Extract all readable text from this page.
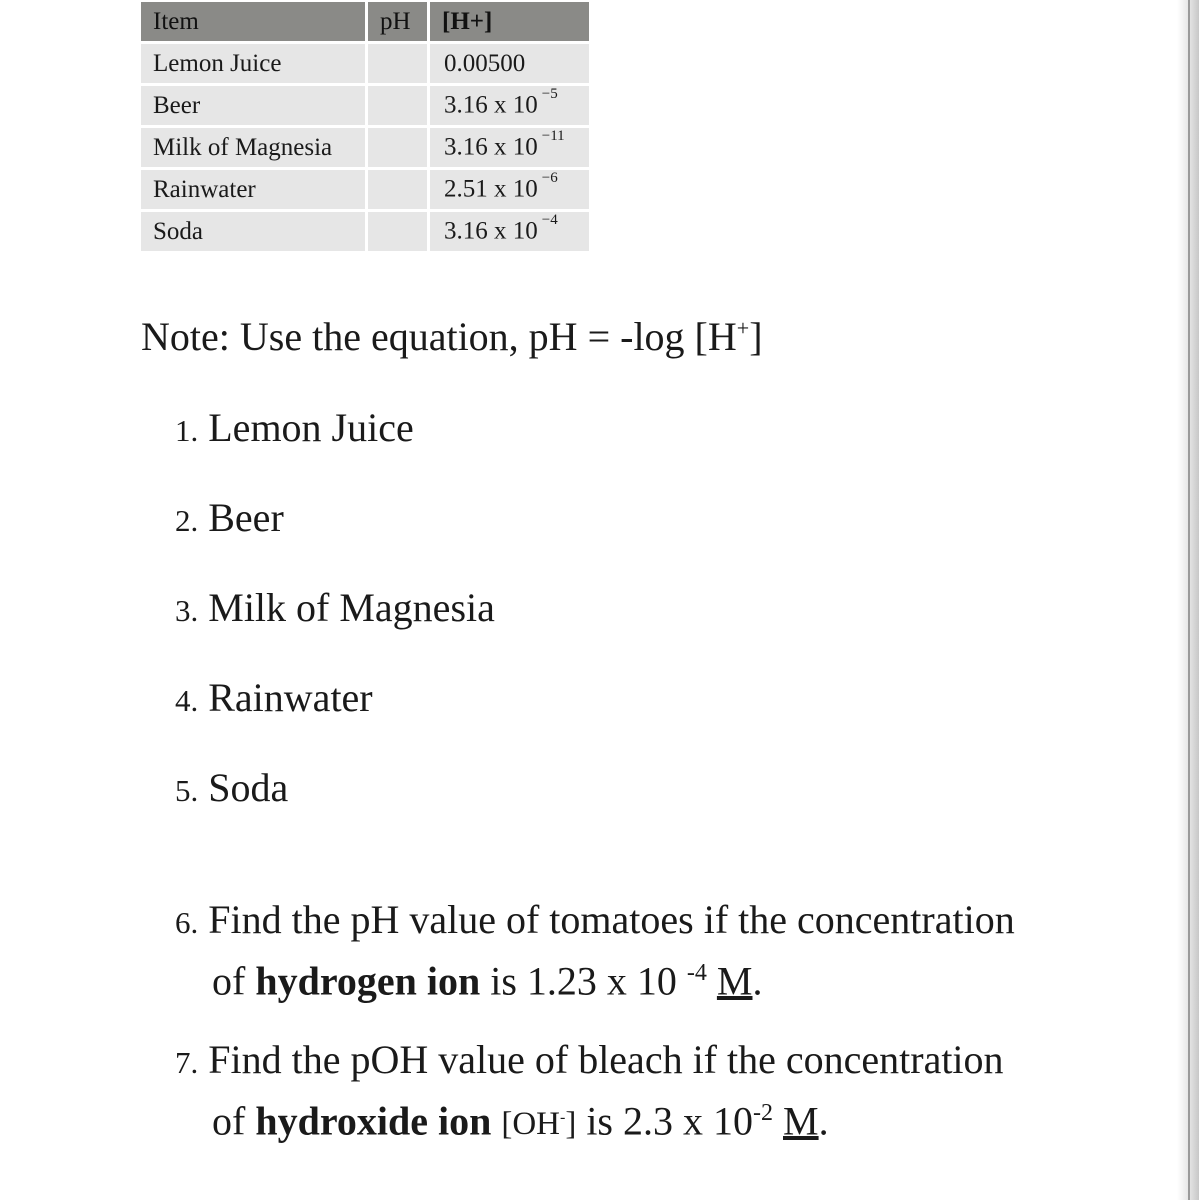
Item	pH	[H+]
Lemon Juice		0.00500
Beer		3.16 x 10 $^{-5}$
Milk of Magnesia		3.16 x 10 $^{-11}$
Rainwater		2.51 x 10 $^{-6}$
Soda		3.16 x 10 $^{-4}$
Note: Use the equation, pH = -log [H+]
1. Lemon Juice
2. Beer
3. Milk of Magnesia
4. Rainwater
5. Soda
6. Find the pH value of tomatoes if the concentration
of hydrogen ion is 1.23 x 10 $^{-4}$ M.
7. Find the pOH value of bleach if the concentration
of hydroxide ion [OH-] is 2.3 x $10^{-2}$ M.
